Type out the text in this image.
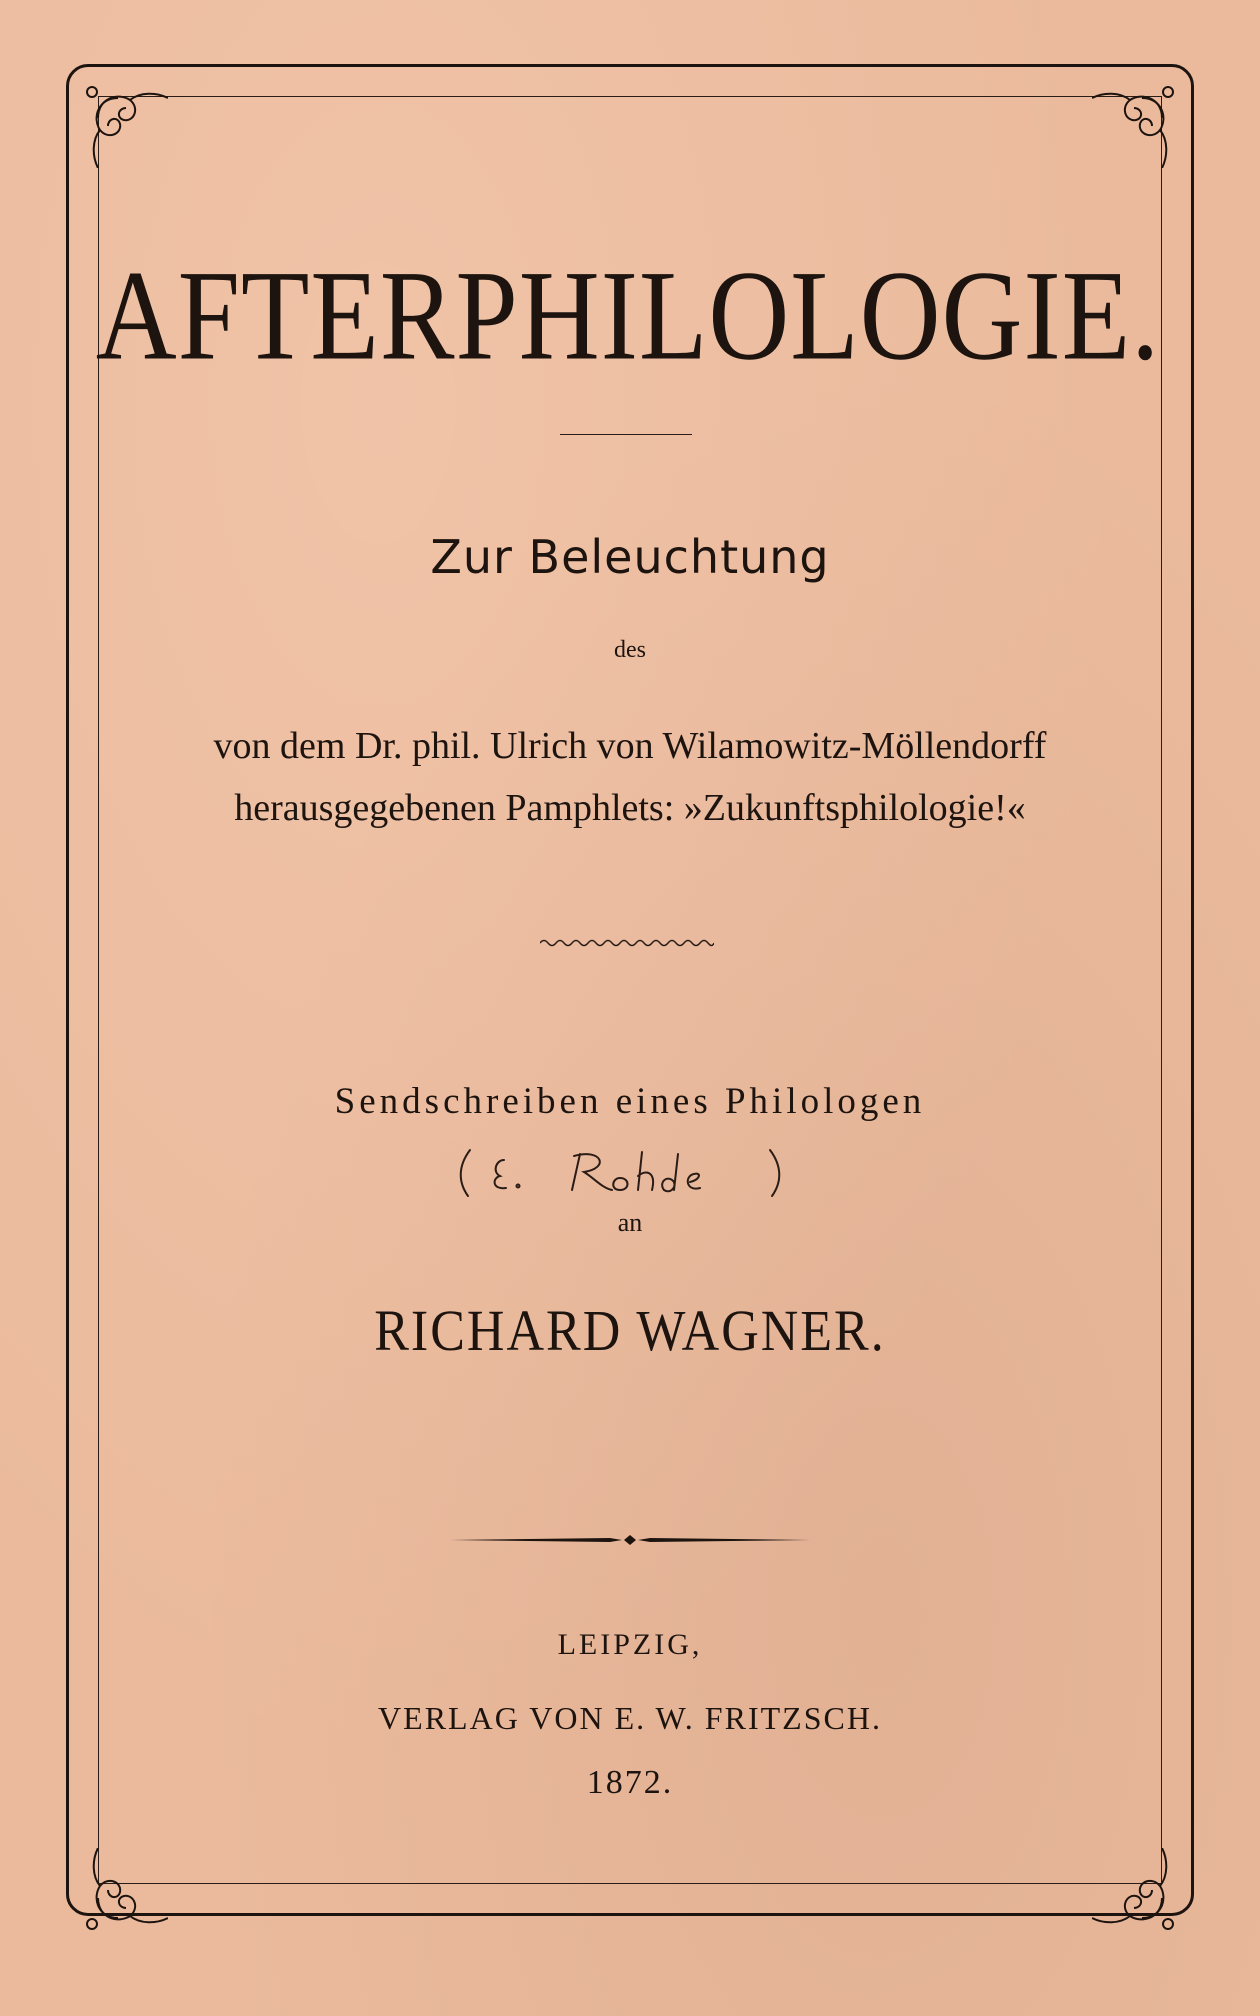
AFTERPHILOLOGIE.
Zur Beleuchtung
des
von dem Dr. phil. Ulrich von Wilamowitz-Möllendorff
herausgegebenen Pamphlets: »Zukunftsphilologie!«
Sendschreiben eines Philologen
an
RICHARD WAGNER.
LEIPZIG,
VERLAG VON E. W. FRITZSCH.
1872.
